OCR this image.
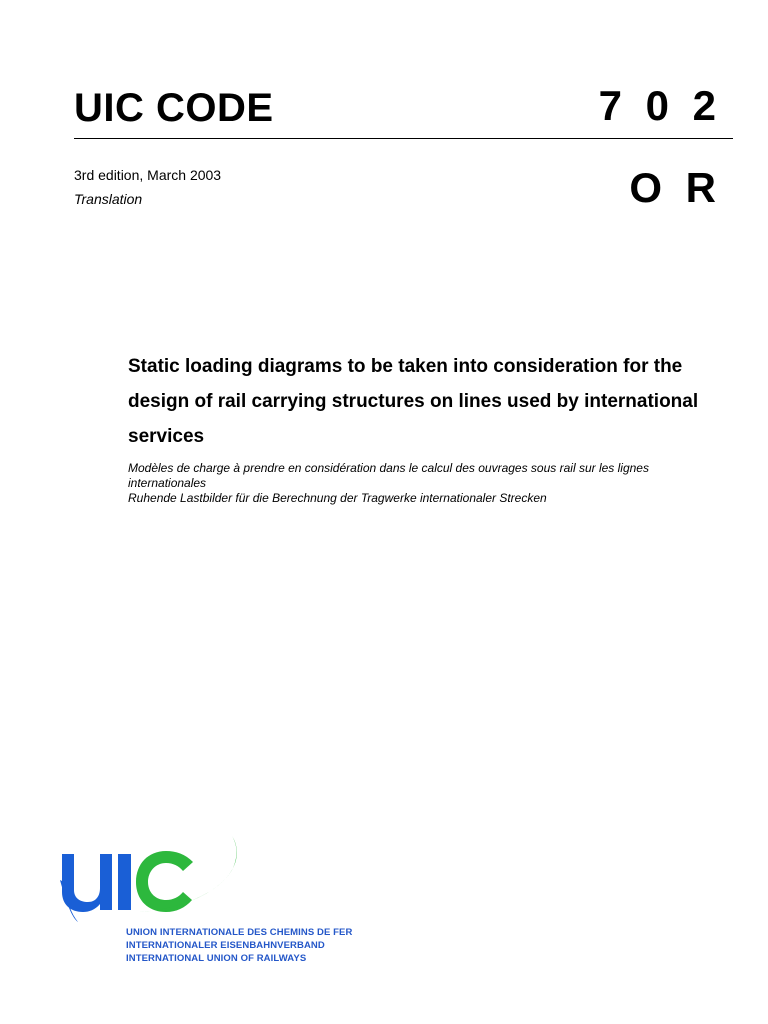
UIC CODE	7 0 2
3rd edition, March 2003
Translation	O R
Static loading diagrams to be taken into consideration for the design of rail carrying structures on lines used by international services
Modèles de charge à prendre en considération dans le calcul des ouvrages sous rail sur les lignes internationales
Ruhende Lastbilder für die Berechnung der Tragwerke internationaler Strecken
UNION INTERNATIONALE DES CHEMINS DE FER
INTERNATIONALER EISENBAHNVERBAND
INTERNATIONAL UNION OF RAILWAYS
